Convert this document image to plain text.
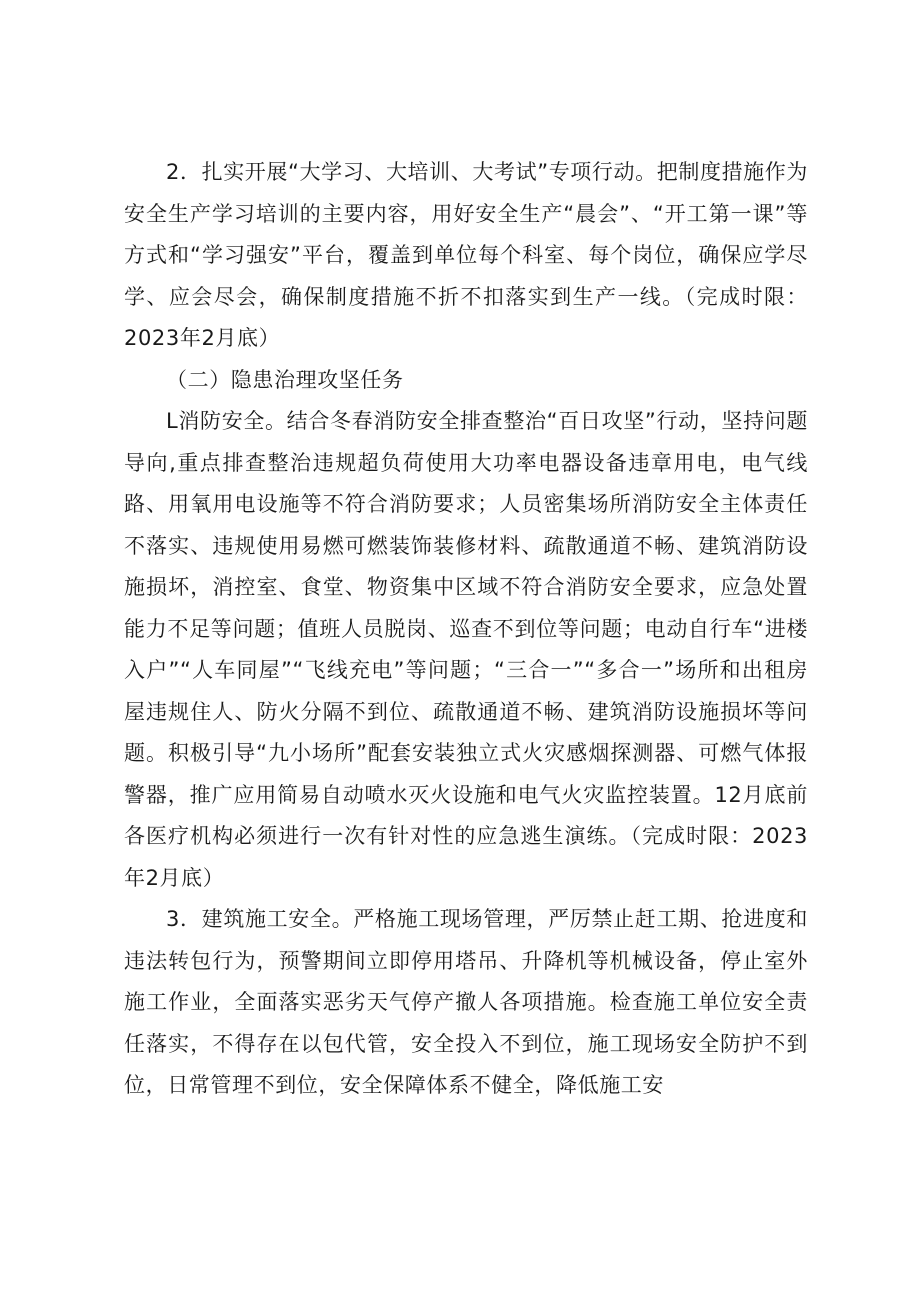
2．扎实开展“大学习、大培训、大考试”专项行动。把制度措施作为安全生产学习培训的主要内容，用好安全生产“晨会”、“开工第一课”等方式和“学习强安”平台，覆盖到单位每个科室、每个岗位，确保应学尽学、应会尽会，确保制度措施不折不扣落实到生产一线。（完成时限：2023年2月底）

（二）隐患治理攻坚任务

L消防安全。结合冬春消防安全排查整治“百日攻坚”行动，坚持问题导向,重点排查整治违规超负荷使用大功率电器设备违章用电，电气线路、用氧用电设施等不符合消防要求；人员密集场所消防安全主体责任不落实、违规使用易燃可燃装饰装修材料、疏散通道不畅、建筑消防设施损坏，消控室、食堂、物资集中区域不符合消防安全要求，应急处置能力不足等问题；值班人员脱岗、巡查不到位等问题；电动自行车“进楼入户”“人车同屋”“飞线充电”等问题；“三合一”“多合一”场所和出租房屋违规住人、防火分隔不到位、疏散通道不畅、建筑消防设施损坏等问题。积极引导“九小场所”配套安装独立式火灾感烟探测器、可燃气体报警器，推广应用简易自动喷水灭火设施和电气火灾监控装置。12月底前各医疗机构必须进行一次有针对性的应急逃生演练。（完成时限：2023年2月底）

3．建筑施工安全。严格施工现场管理，严厉禁止赶工期、抢进度和违法转包行为，预警期间立即停用塔吊、升降机等机械设备，停止室外施工作业，全面落实恶劣天气停产撤人各项措施。检查施工单位安全责任落实，不得存在以包代管，安全投入不到位，施工现场安全防护不到位，日常管理不到位，安全保障体系不健全，降低施工安
